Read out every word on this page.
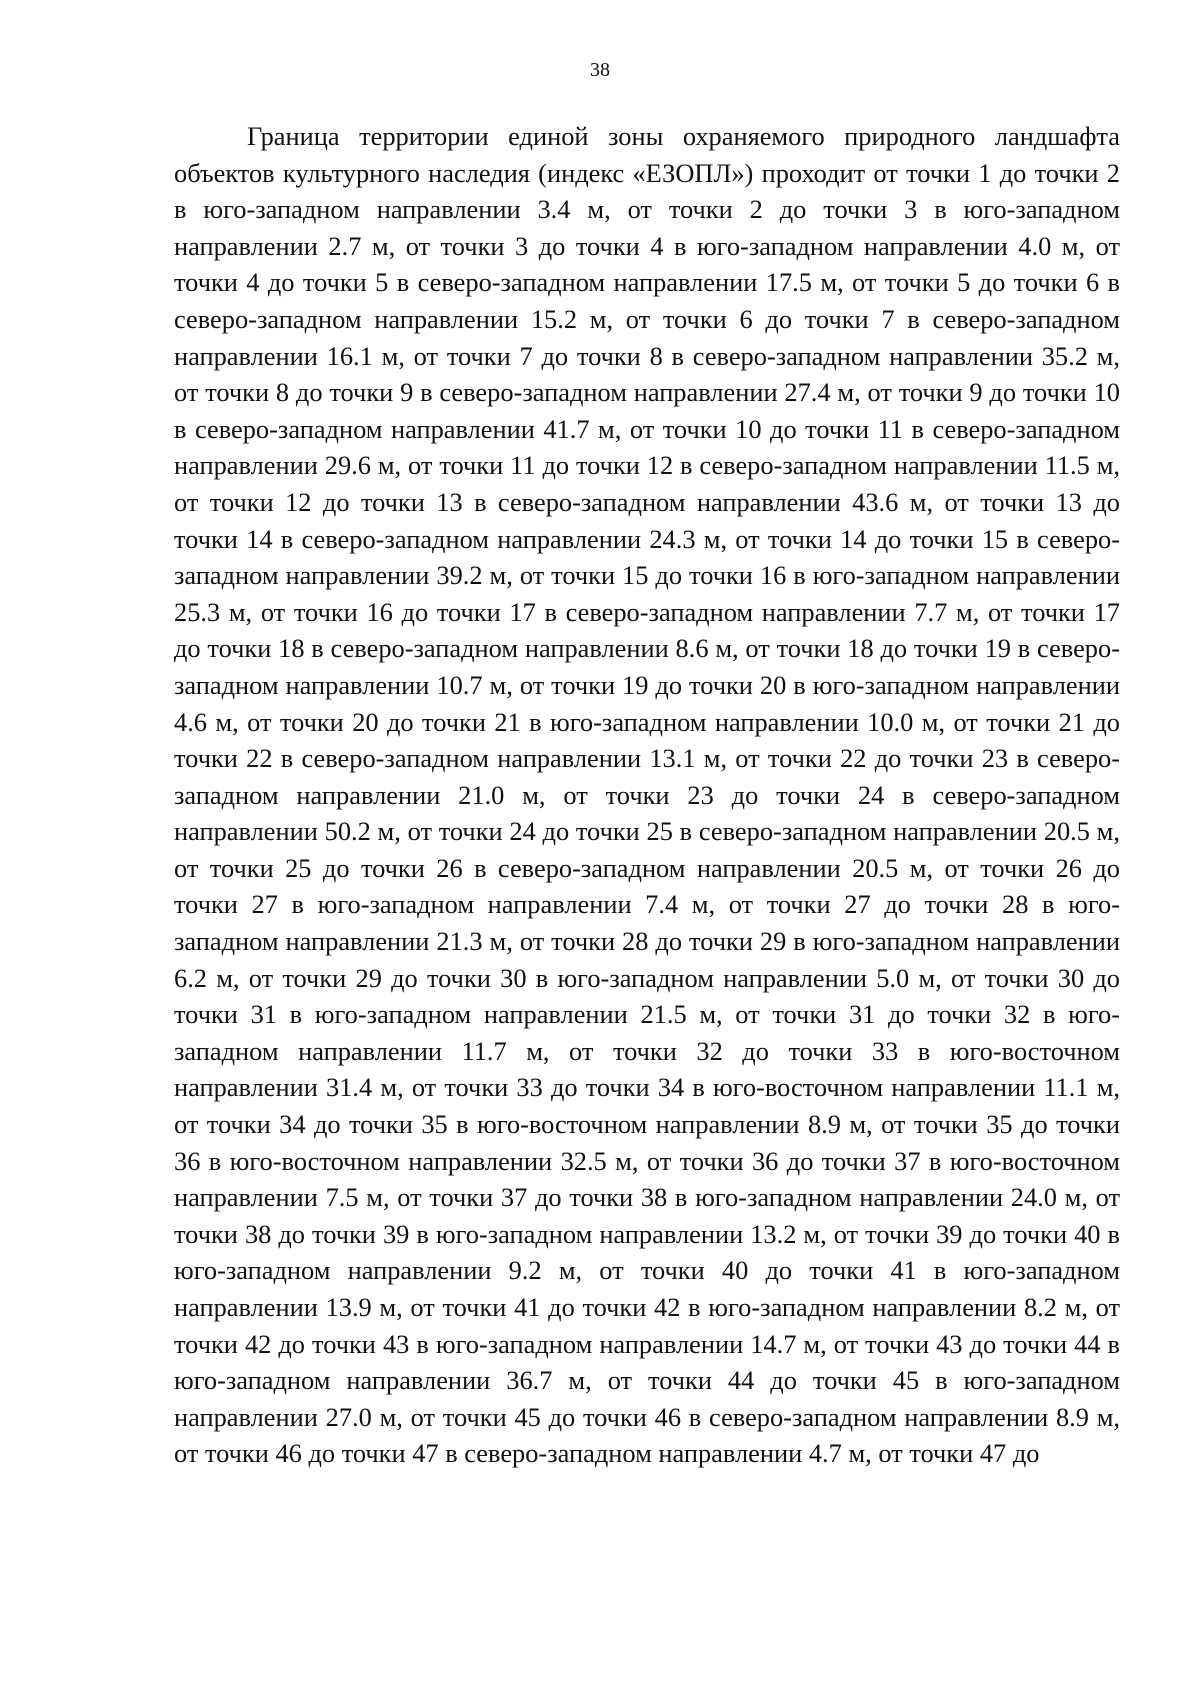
38

Граница территории единой зоны охраняемого природного ландшафта объектов культурного наследия (индекс «ЕЗОПЛ») проходит от точки 1 до точки 2 в юго-западном направлении 3.4 м, от точки 2 до точки 3 в юго-западном направлении 2.7 м, от точки 3 до точки 4 в юго-западном направлении 4.0 м, от точки 4 до точки 5 в северо-западном направлении 17.5 м, от точки 5 до точки 6 в северо-западном направлении 15.2 м, от точки 6 до точки 7 в северо-западном направлении 16.1 м, от точки 7 до точки 8 в северо-западном направлении 35.2 м, от точки 8 до точки 9 в северо-западном направлении 27.4 м, от точки 9 до точки 10 в северо-западном направлении 41.7 м, от точки 10 до точки 11 в северо-западном направлении 29.6 м, от точки 11 до точки 12 в северо-западном направлении 11.5 м, от точки 12 до точки 13 в северо-западном направлении 43.6 м, от точки 13 до точки 14 в северо-западном направлении 24.3 м, от точки 14 до точки 15 в северо-западном направлении 39.2 м, от точки 15 до точки 16 в юго-западном направлении 25.3 м, от точки 16 до точки 17 в северо-западном направлении 7.7 м, от точки 17 до точки 18 в северо-западном направлении 8.6 м, от точки 18 до точки 19 в северо-западном направлении 10.7 м, от точки 19 до точки 20 в юго-западном направлении 4.6 м, от точки 20 до точки 21 в юго-западном направлении 10.0 м, от точки 21 до точки 22 в северо-западном направлении 13.1 м, от точки 22 до точки 23 в северо-западном направлении 21.0 м, от точки 23 до точки 24 в северо-западном направлении 50.2 м, от точки 24 до точки 25 в северо-западном направлении 20.5 м, от точки 25 до точки 26 в северо-западном направлении 20.5 м, от точки 26 до точки 27 в юго-западном направлении 7.4 м, от точки 27 до точки 28 в юго-западном направлении 21.3 м, от точки 28 до точки 29 в юго-западном направлении 6.2 м, от точки 29 до точки 30 в юго-западном направлении 5.0 м, от точки 30 до точки 31 в юго-западном направлении 21.5 м, от точки 31 до точки 32 в юго-западном направлении 11.7 м, от точки 32 до точки 33 в юго-восточном направлении 31.4 м, от точки 33 до точки 34 в юго-восточном направлении 11.1 м, от точки 34 до точки 35 в юго-восточном направлении 8.9 м, от точки 35 до точки 36 в юго-восточном направлении 32.5 м, от точки 36 до точки 37 в юго-восточном направлении 7.5 м, от точки 37 до точки 38 в юго-западном направлении 24.0 м, от точки 38 до точки 39 в юго-западном направлении 13.2 м, от точки 39 до точки 40 в юго-западном направлении 9.2 м, от точки 40 до точки 41 в юго-западном направлении 13.9 м, от точки 41 до точки 42 в юго-западном направлении 8.2 м, от точки 42 до точки 43 в юго-западном направлении 14.7 м, от точки 43 до точки 44 в юго-западном направлении 36.7 м, от точки 44 до точки 45 в юго-западном направлении 27.0 м, от точки 45 до точки 46 в северо-западном направлении 8.9 м, от точки 46 до точки 47 в северо-западном направлении 4.7 м, от точки 47 до
